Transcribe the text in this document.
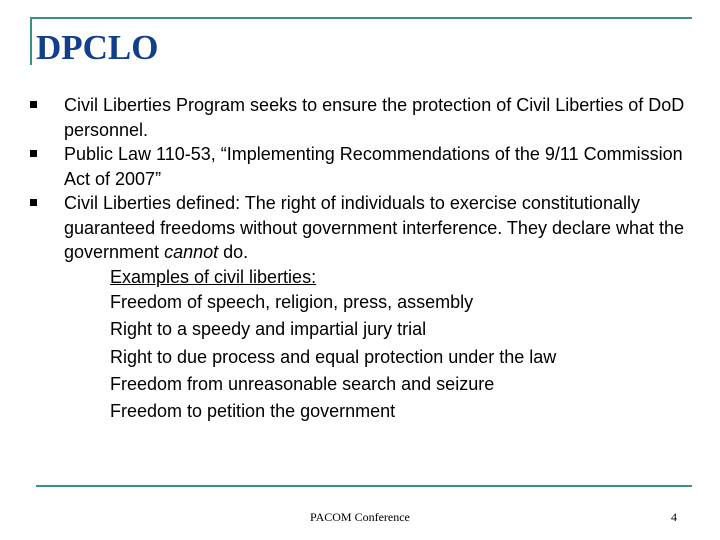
DPCLO
Civil Liberties Program seeks to ensure the protection of Civil Liberties of DoD personnel.
Public Law 110-53, “Implementing Recommendations of the 9/11 Commission Act of 2007”
Civil Liberties defined: The right of individuals to exercise constitutionally guaranteed freedoms without government interference. They declare what the government cannot do.
Examples of civil liberties:
Freedom of speech, religion, press, assembly
Right to a speedy and impartial jury trial
Right to due process and equal protection under the law
Freedom from unreasonable search and seizure
Freedom to petition the government
PACOM Conference	4
